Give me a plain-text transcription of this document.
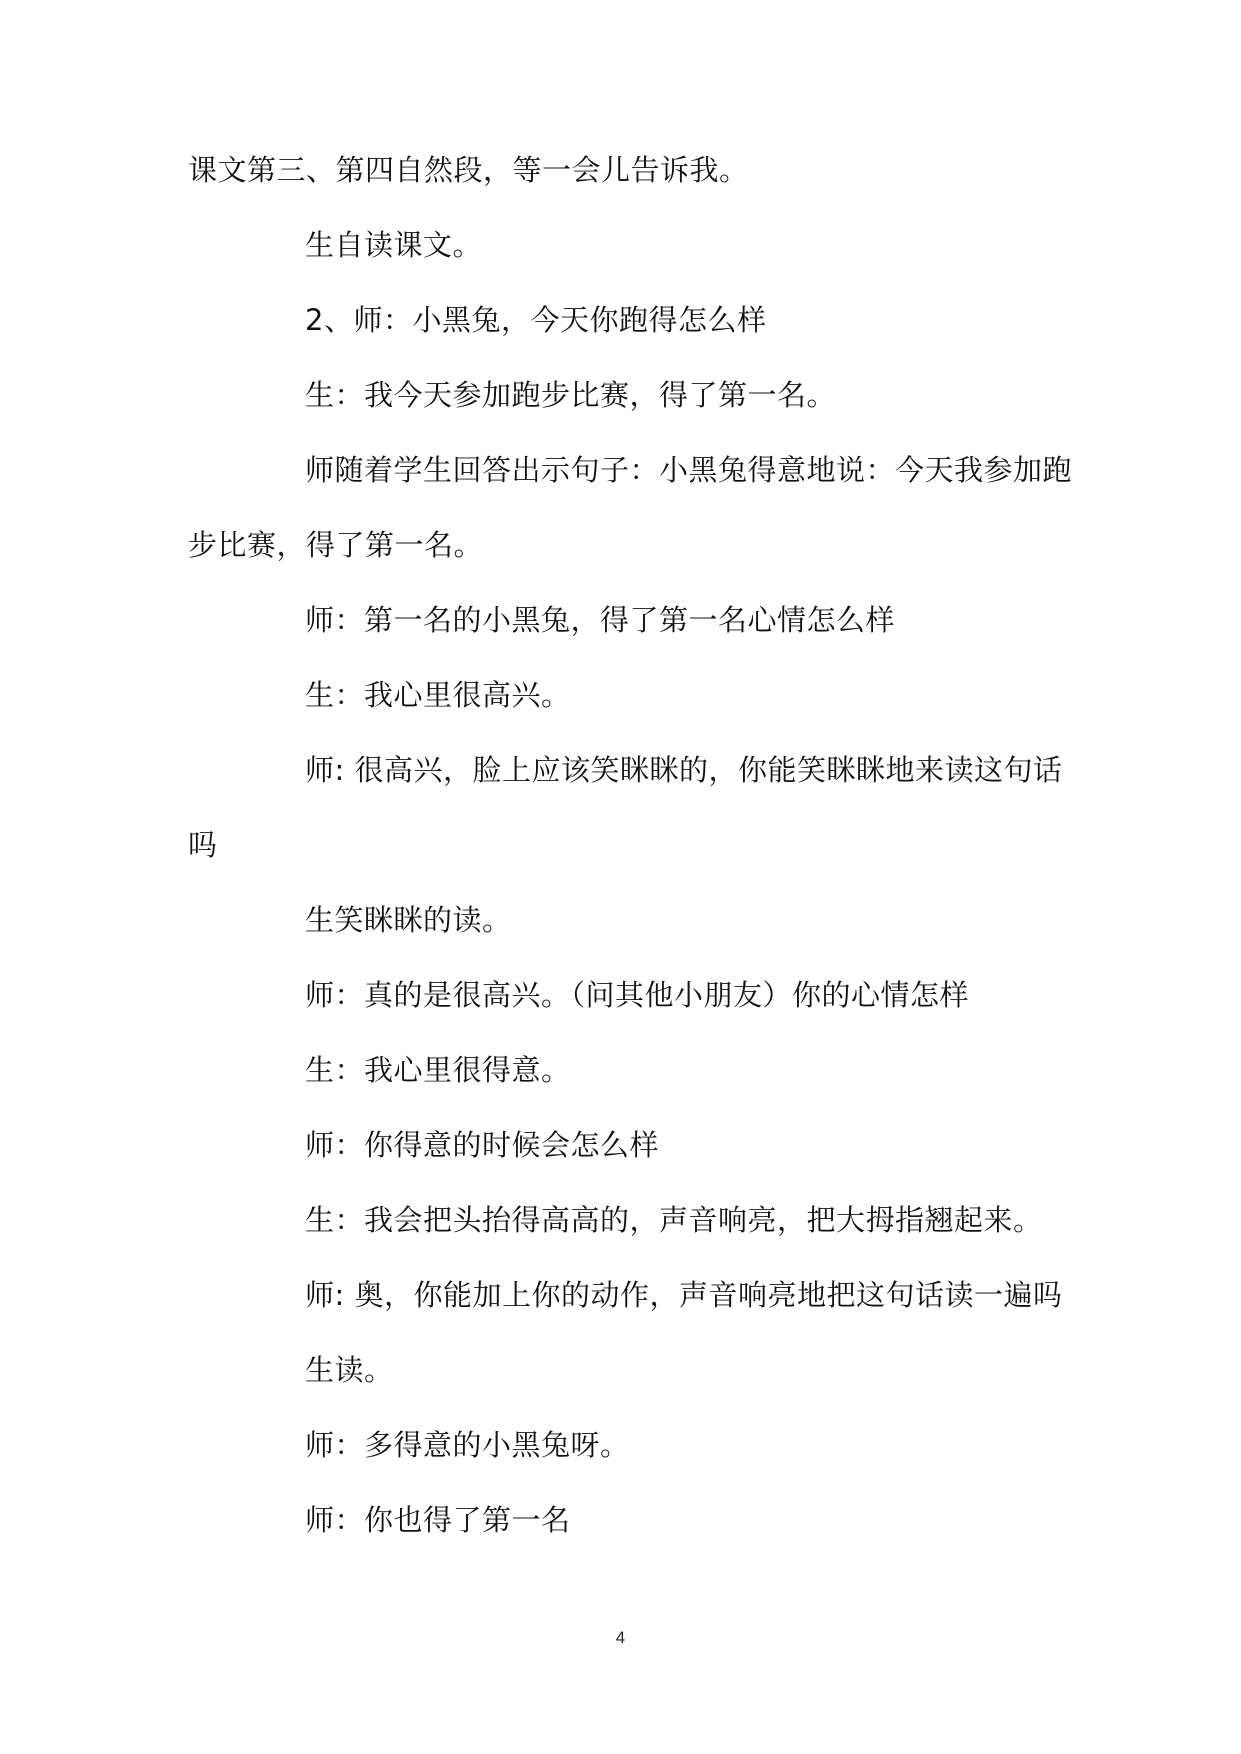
课文第三、第四自然段，等一会儿告诉我。
生自读课文。
2、师：小黑兔，今天你跑得怎么样
生：我今天参加跑步比赛，得了第一名。
师随着学生回答出示句子：小黑兔得意地说：今天我参加跑
步比赛，得了第一名。
师：第一名的小黑兔，得了第一名心情怎么样
生：我心里很高兴。
师: 很高兴，脸上应该笑眯眯的，你能笑眯眯地来读这句话
吗
生笑眯眯的读。
师：真的是很高兴。（问其他小朋友）你的心情怎样
生：我心里很得意。
师：你得意的时候会怎么样
生：我会把头抬得高高的，声音响亮，把大拇指翘起来。
师: 奥，你能加上你的动作，声音响亮地把这句话读一遍吗
生读。
师：多得意的小黑兔呀。
师：你也得了第一名
4
